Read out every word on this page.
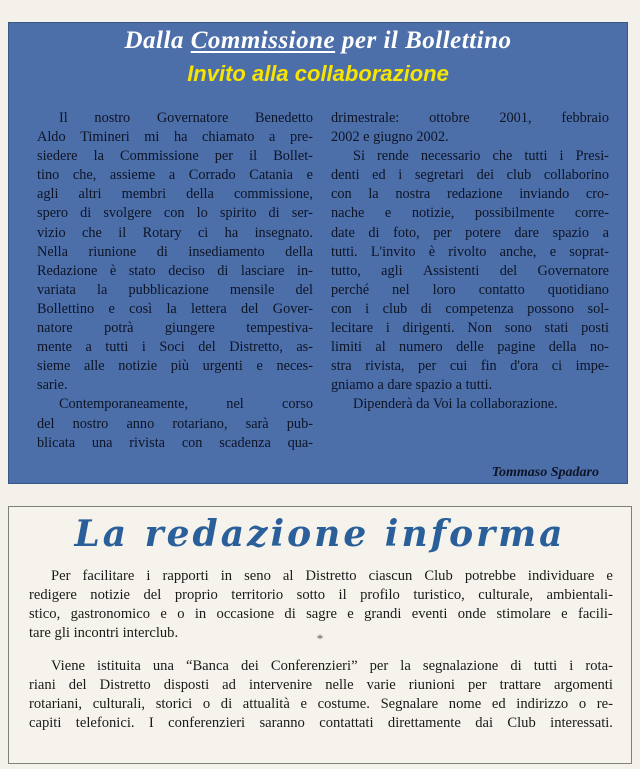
Dalla Commissione per il Bollettino
Invito alla collaborazione
Il nostro Governatore Benedetto
Aldo Timineri mi ha chiamato a pre-
siedere la Commissione per il Bollet-
tino che, assieme a Corrado Catania e
agli altri membri della commissione,
spero di svolgere con lo spirito di ser-
vizio che il Rotary ci ha insegnato.
Nella riunione di insediamento della
Redazione è stato deciso di lasciare in-
variata la pubblicazione mensile del
Bollettino e così la lettera del Gover-
natore potrà giungere tempestiva-
mente a tutti i Soci del Distretto, as-
sieme alle notizie più urgenti e neces-
sarie.
Contemporaneamente,	nel	corso
del nostro anno rotariano, sarà pub-
blicata una rivista con scadenza qua-
drimestrale: ottobre 2001, febbraio
2002 e giugno 2002.
Si rende necessario che tutti i Presi-
denti ed i segretari dei club collaborino
con la nostra redazione inviando cro-
nache e notizie, possibilmente corre-
date di foto, per potere dare spazio a
tutti. L'invito è rivolto anche, e soprat-
tutto, agli Assistenti del Governatore
perché nel loro contatto quotidiano
con i club di competenza possono sol-
lecitare i dirigenti. Non sono stati posti
limiti al numero delle pagine della no-
stra rivista, per cui fin d'ora ci impe-
gniamo a dare spazio a tutti.
Dipenderà da Voi la collaborazione.
Tommaso Spadaro
La redazione informa
Per facilitare i rapporti in seno al Distretto ciascun Club potrebbe individuare e
redigere notizie del proprio territorio sotto il profilo turistico, culturale, ambientali-
stico, gastronomico e o in occasione di sagre e grandi eventi onde stimolare e facili-
tare gli incontri interclub.	*
Viene istituita una “Banca dei Conferenzieri” per la segnalazione di tutti i rota-
riani del Distretto disposti ad intervenire nelle varie riunioni per trattare argomenti
rotariani, culturali, storici o di attualità e costume. Segnalare nome ed indirizzo o re-
capiti telefonici. I conferenzieri saranno contattati direttamente dai Club interessati.
